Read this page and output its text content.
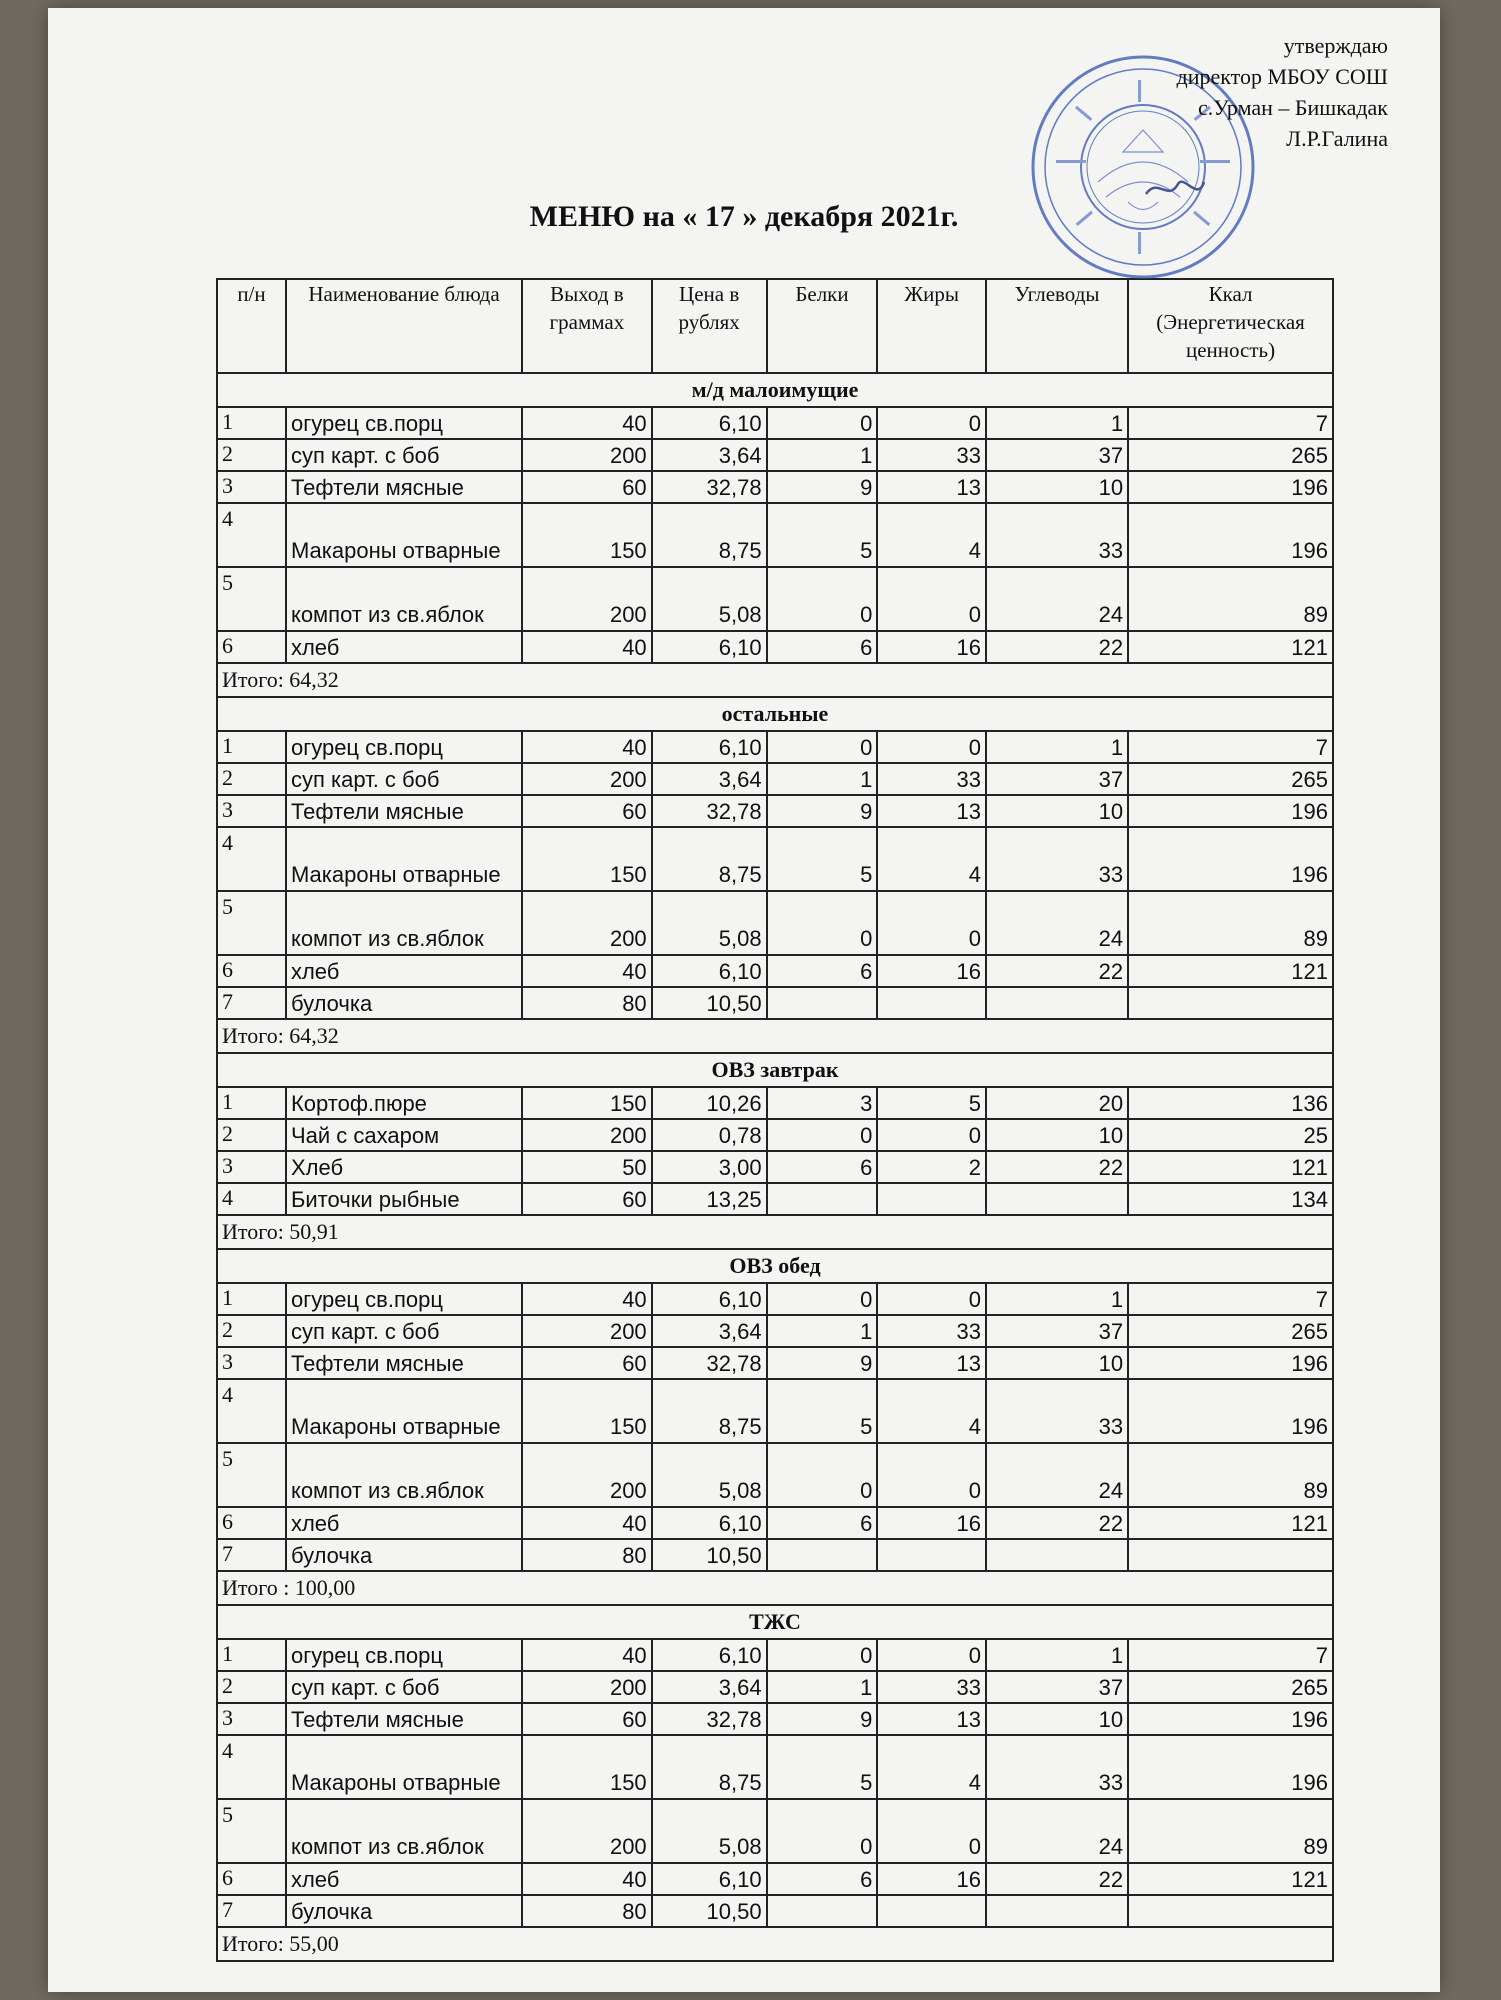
утверждаю
директор МБОУ СОШ
с.Урман – Бишкадак
Л.Р.Галина
МЕНЮ на « 17 » декабря 2021г.
п/н	Наименование блюда	Выход в граммах	Цена в рублях	Белки	Жиры	Углеводы	Ккал (Энергетическая ценность)
м/д малоимущие							
1	огурец св.порц	40	6,10	0	0	1	7
2	суп карт. с боб	200	3,64	1	33	37	265
3	Тефтели мясные	60	32,78	9	13	10	196
4	Макароны отварные	150	8,75	5	4	33	196
5	компот из св.яблок	200	5,08	0	0	24	89
6	хлеб	40	6,10	6	16	22	121
Итого: 64,32							
остальные							
1	огурец св.порц	40	6,10	0	0	1	7
2	суп карт. с боб	200	3,64	1	33	37	265
3	Тефтели мясные	60	32,78	9	13	10	196
4	Макароны отварные	150	8,75	5	4	33	196
5	компот из св.яблок	200	5,08	0	0	24	89
6	хлеб	40	6,10	6	16	22	121
7	булочка	80	10,50				
Итого: 64,32							
ОВЗ завтрак							
1	Кортоф.пюре	150	10,26	3	5	20	136
2	Чай с сахаром	200	0,78	0	0	10	25
3	Хлеб	50	3,00	6	2	22	121
4	Биточки рыбные	60	13,25				134
Итого: 50,91							
ОВЗ обед							
1	огурец св.порц	40	6,10	0	0	1	7
2	суп карт. с боб	200	3,64	1	33	37	265
3	Тефтели мясные	60	32,78	9	13	10	196
4	Макароны отварные	150	8,75	5	4	33	196
5	компот из св.яблок	200	5,08	0	0	24	89
6	хлеб	40	6,10	6	16	22	121
7	булочка	80	10,50				
Итого : 100,00							
ТЖС							
1	огурец св.порц	40	6,10	0	0	1	7
2	суп карт. с боб	200	3,64	1	33	37	265
3	Тефтели мясные	60	32,78	9	13	10	196
4	Макароны отварные	150	8,75	5	4	33	196
5	компот из св.яблок	200	5,08	0	0	24	89
6	хлеб	40	6,10	6	16	22	121
7	булочка	80	10,50				
Итого: 55,00							
